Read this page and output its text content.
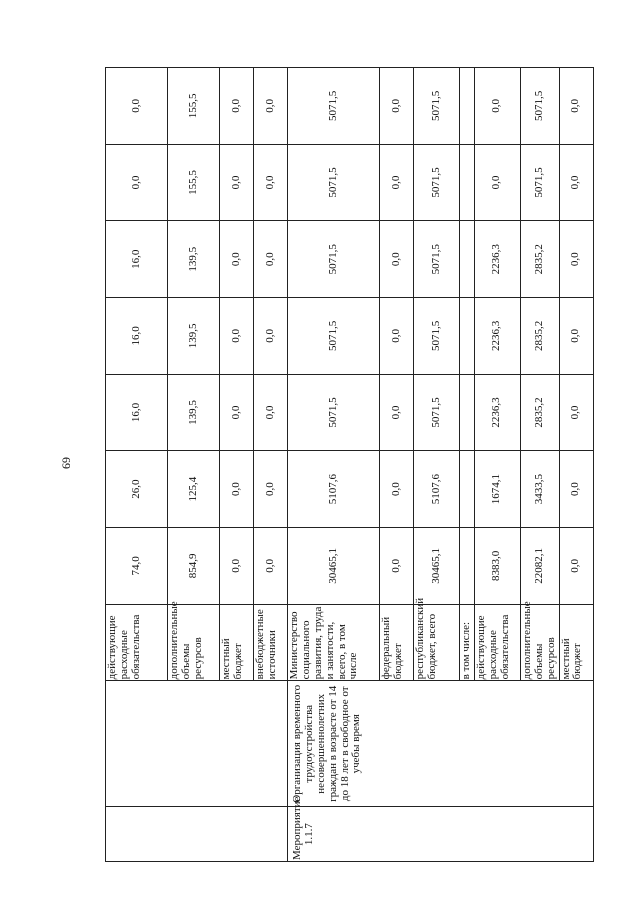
69
		действующие расходные обязательства	74,0	26,0	16,0	16,0	16,0	0,0	0,0
		дополнительные объемы ресурсов	854,9	125,4	139,5	139,5	139,5	155,5	155,5
		местный бюджет	0,0	0,0	0,0	0,0	0,0	0,0	0,0
		внебюджетные источники	0,0	0,0	0,0	0,0	0,0	0,0	0,0

Мероприятие 1.1.7	Организация временного трудоустройства несовершеннолетних граждан в возрасте от 14 до 18 лет в свободное от учебы время	Министерство социального развития, труда и занятости, всего, в том числе	30465,1	5107,6	5071,5	5071,5	5071,5	5071,5	5071,5
		федеральный бюджет	0,0	0,0	0,0	0,0	0,0	0,0	0,0
		республиканский бюджет, всего	30465,1	5107,6	5071,5	5071,5	5071,5	5071,5	5071,5
		в том числе:							
		действующие расходные обязательства	8383,0	1674,1	2236,3	2236,3	2236,3	0,0	0,0
		дополнительные объемы ресурсов	22082,1	3433,5	2835,2	2835,2	2835,2	5071,5	5071,5
		местный бюджет	0,0	0,0	0,0	0,0	0,0	0,0	0,0
